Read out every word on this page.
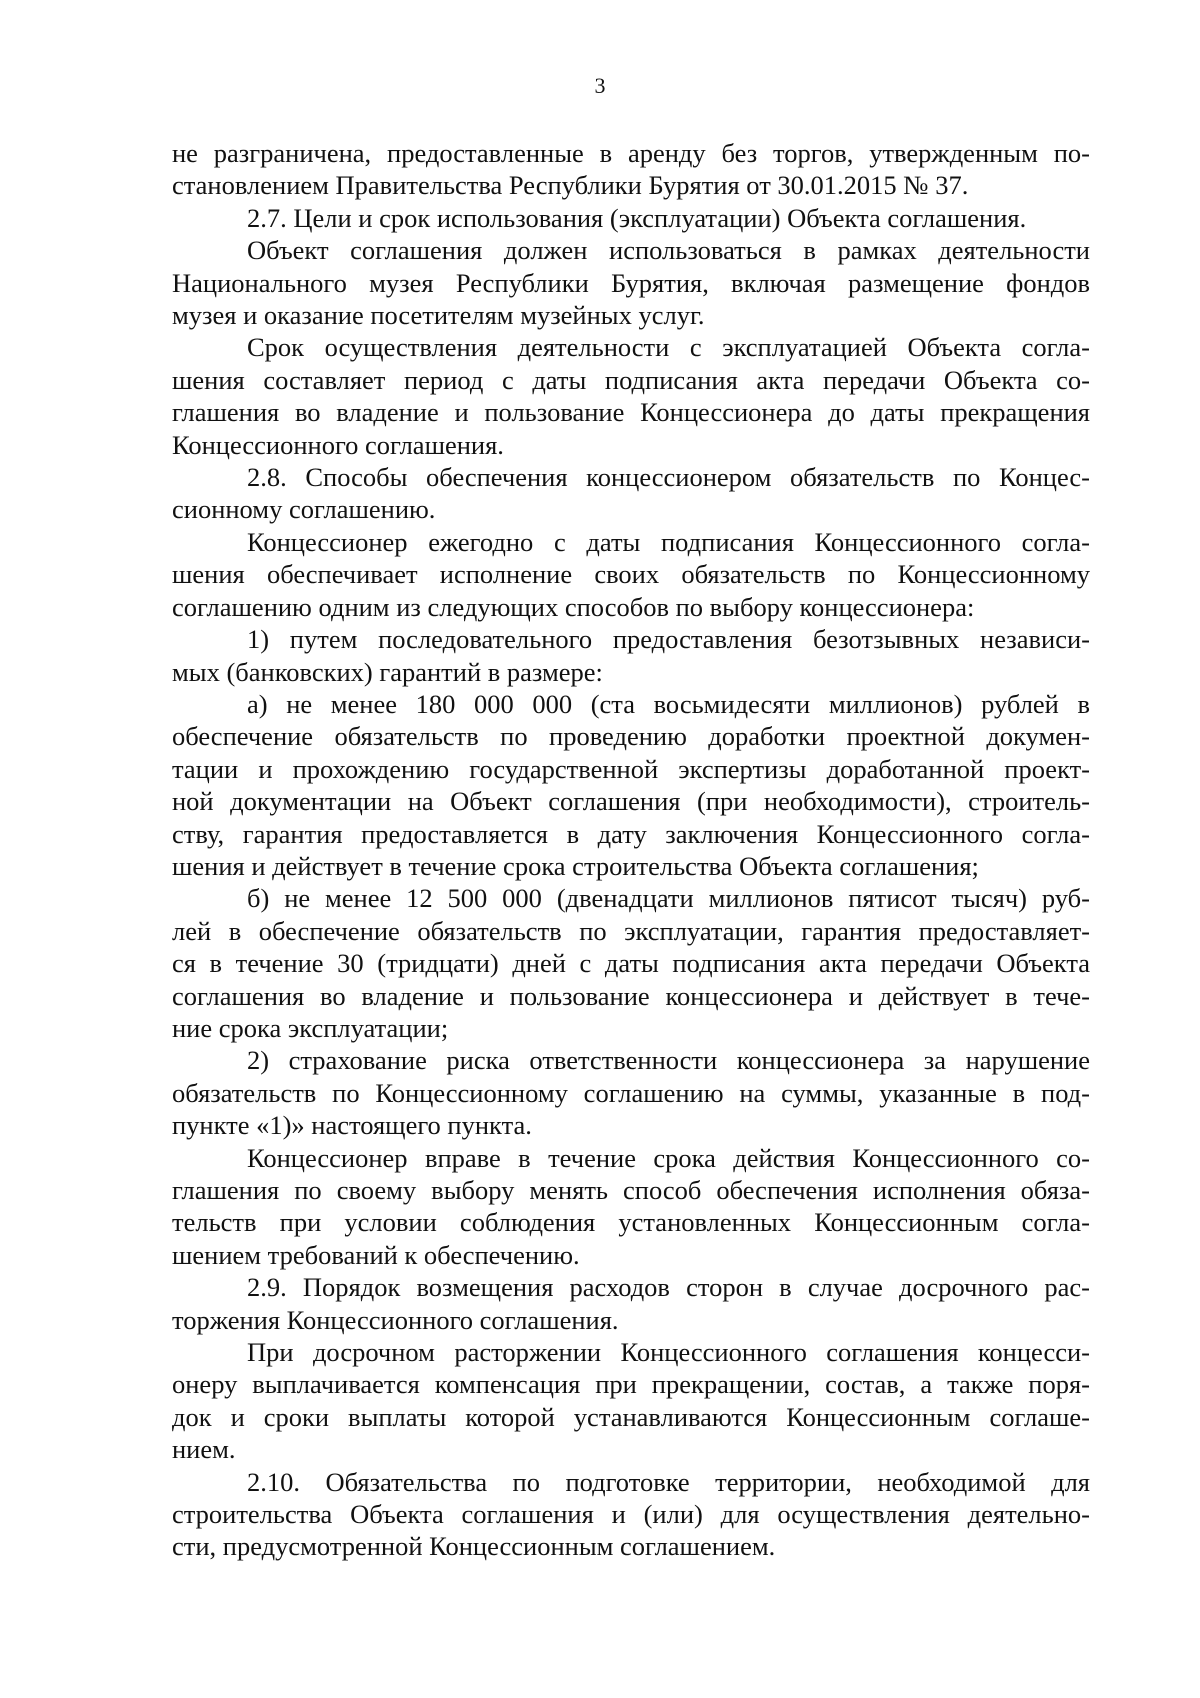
3

не разграничена, предоставленные в аренду без торгов, утвержденным по-
становлением Правительства Республики Бурятия от 30.01.2015 № 37.

2.7. Цели и срок использования (эксплуатации) Объекта соглашения.

Объект соглашения должен использоваться в рамках деятельности
Национального музея Республики Бурятия, включая размещение фондов
музея и оказание посетителям музейных услуг.

Срок осуществления деятельности с эксплуатацией Объекта согла-
шения составляет период с даты подписания акта передачи Объекта со-
глашения во владение и пользование Концессионера до даты прекращения
Концессионного соглашения.

2.8. Способы обеспечения концессионером обязательств по Концес-
сионному соглашению.

Концессионер ежегодно с даты подписания Концессионного согла-
шения обеспечивает исполнение своих обязательств по Концессионному
соглашению одним из следующих способов по выбору концессионера:

1) путем последовательного предоставления безотзывных независи-
мых (банковских) гарантий в размере:

а) не менее 180 000 000 (ста восьмидесяти миллионов) рублей в
обеспечение обязательств по проведению доработки проектной докумен-
тации и прохождению государственной экспертизы доработанной проект-
ной документации на Объект соглашения (при необходимости), строитель-
ству, гарантия предоставляется в дату заключения Концессионного согла-
шения и действует в течение срока строительства Объекта соглашения;

б) не менее 12 500 000 (двенадцати миллионов пятисот тысяч) руб-
лей в обеспечение обязательств по эксплуатации, гарантия предоставляет-
ся в течение 30 (тридцати) дней с даты подписания акта передачи Объекта
соглашения во владение и пользование концессионера и действует в тече-
ние срока эксплуатации;

2) страхование риска ответственности концессионера за нарушение
обязательств по Концессионному соглашению на суммы, указанные в под-
пункте «1)» настоящего пункта.

Концессионер вправе в течение срока действия Концессионного со-
глашения по своему выбору менять способ обеспечения исполнения обяза-
тельств при условии соблюдения установленных Концессионным согла-
шением требований к обеспечению.

2.9. Порядок возмещения расходов сторон в случае досрочного рас-
торжения Концессионного соглашения.

При досрочном расторжении Концессионного соглашения концесси-
онеру выплачивается компенсация при прекращении, состав, а также поря-
док и сроки выплаты которой устанавливаются Концессионным соглаше-
нием.

2.10. Обязательства по подготовке территории, необходимой для
строительства Объекта соглашения и (или) для осуществления деятельно-
сти, предусмотренной Концессионным соглашением.
